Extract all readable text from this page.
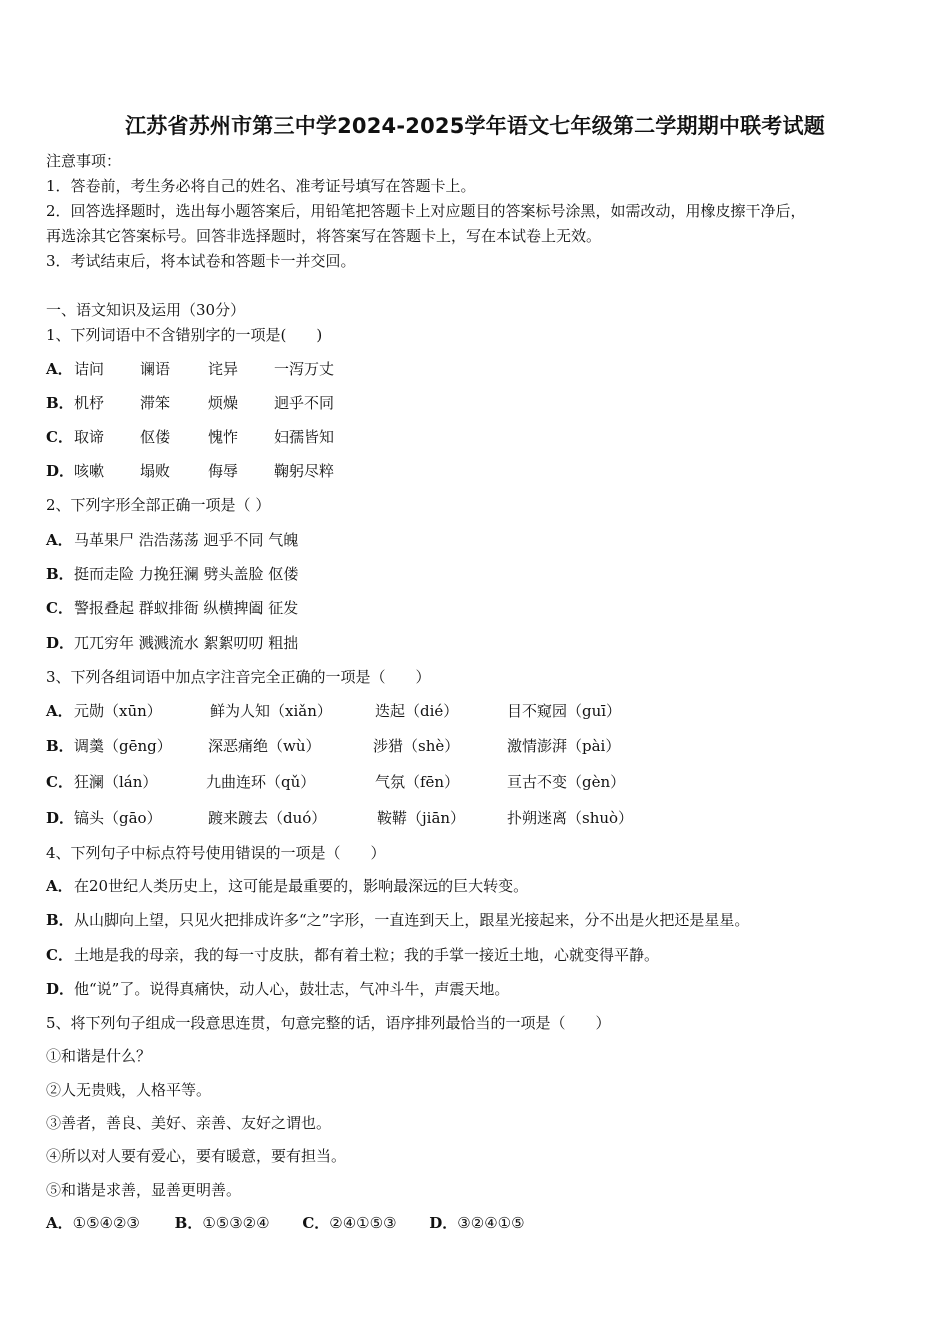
江苏省苏州市第三中学2024-2025学年语文七年级第二学期期中联考试题
注意事项：
1．答卷前，考生务必将自己的姓名、准考证号填写在答题卡上。
2．回答选择题时，选出每小题答案后，用铅笔把答题卡上对应题目的答案标号涂黑，如需改动，用橡皮擦干净后，
再选涂其它答案标号。回答非选择题时，将答案写在答题卡上，写在本试卷上无效。
3．考试结束后，将本试卷和答题卡一并交回。
一、语文知识及运用（30分）
1、下列词语中不含错别字的一项是(　　)
A．诘问 谰语	诧异 一泻万丈
B．机杼 滞笨	烦燥 迥乎不同
C．取谛 伛偻	愧怍 妇孺皆知
D．咳嗽 塌败	侮辱 鞠躬尽粹
2、下列字形全部正确一项是（ ）
A．马革果尸 浩浩荡荡 迥乎不同 气魄
B．挺而走险 力挽狂澜 劈头盖脸 伛偻
C．警报叠起 群蚁排衙 纵横捭阖 征发
D．兀兀穷年 溅溅流水 絮絮叨叨 粗拙
3、下列各组词语中加点字注音完全正确的一项是（　　）
A．元勋（xūn）	鲜为人知（xiǎn）	迭起（dié）	目不窥园（guī）
B．调羹（gēng） 深恶痛绝（wù）	涉猎（shè）	激情澎湃（pài）
C．狂澜（lán）	九曲连环（qǔ）	气氛（fēn）	亘古不变（gèn）
D．镐头（gāo）	踱来踱去（duó）	鞍鞯（jiān）	扑朔迷离（shuò）
4、下列句子中标点符号使用错误的一项是（　　）
A．在20世纪人类历史上，这可能是最重要的，影响最深远的巨大转变。
B．从山脚向上望，只见火把排成许多“之”字形，一直连到天上，跟星光接起来，分不出是火把还是星星。
C．土地是我的母亲，我的每一寸皮肤，都有着土粒；我的手掌一接近土地，心就变得平静。
D．他“说”了。说得真痛快，动人心，鼓壮志，气冲斗牛，声震天地。
5、将下列句子组成一段意思连贯，句意完整的话，语序排列最恰当的一项是（　　）
①和谐是什么？
②人无贵贱，人格平等。
③善者，善良、美好、亲善、友好之谓也。
④所以对人要有爱心，要有暖意，要有担当。
⑤和谐是求善，显善更明善。
A．①⑤④②③ B．①⑤③②④ C．②④①⑤③ D．③②④①⑤
